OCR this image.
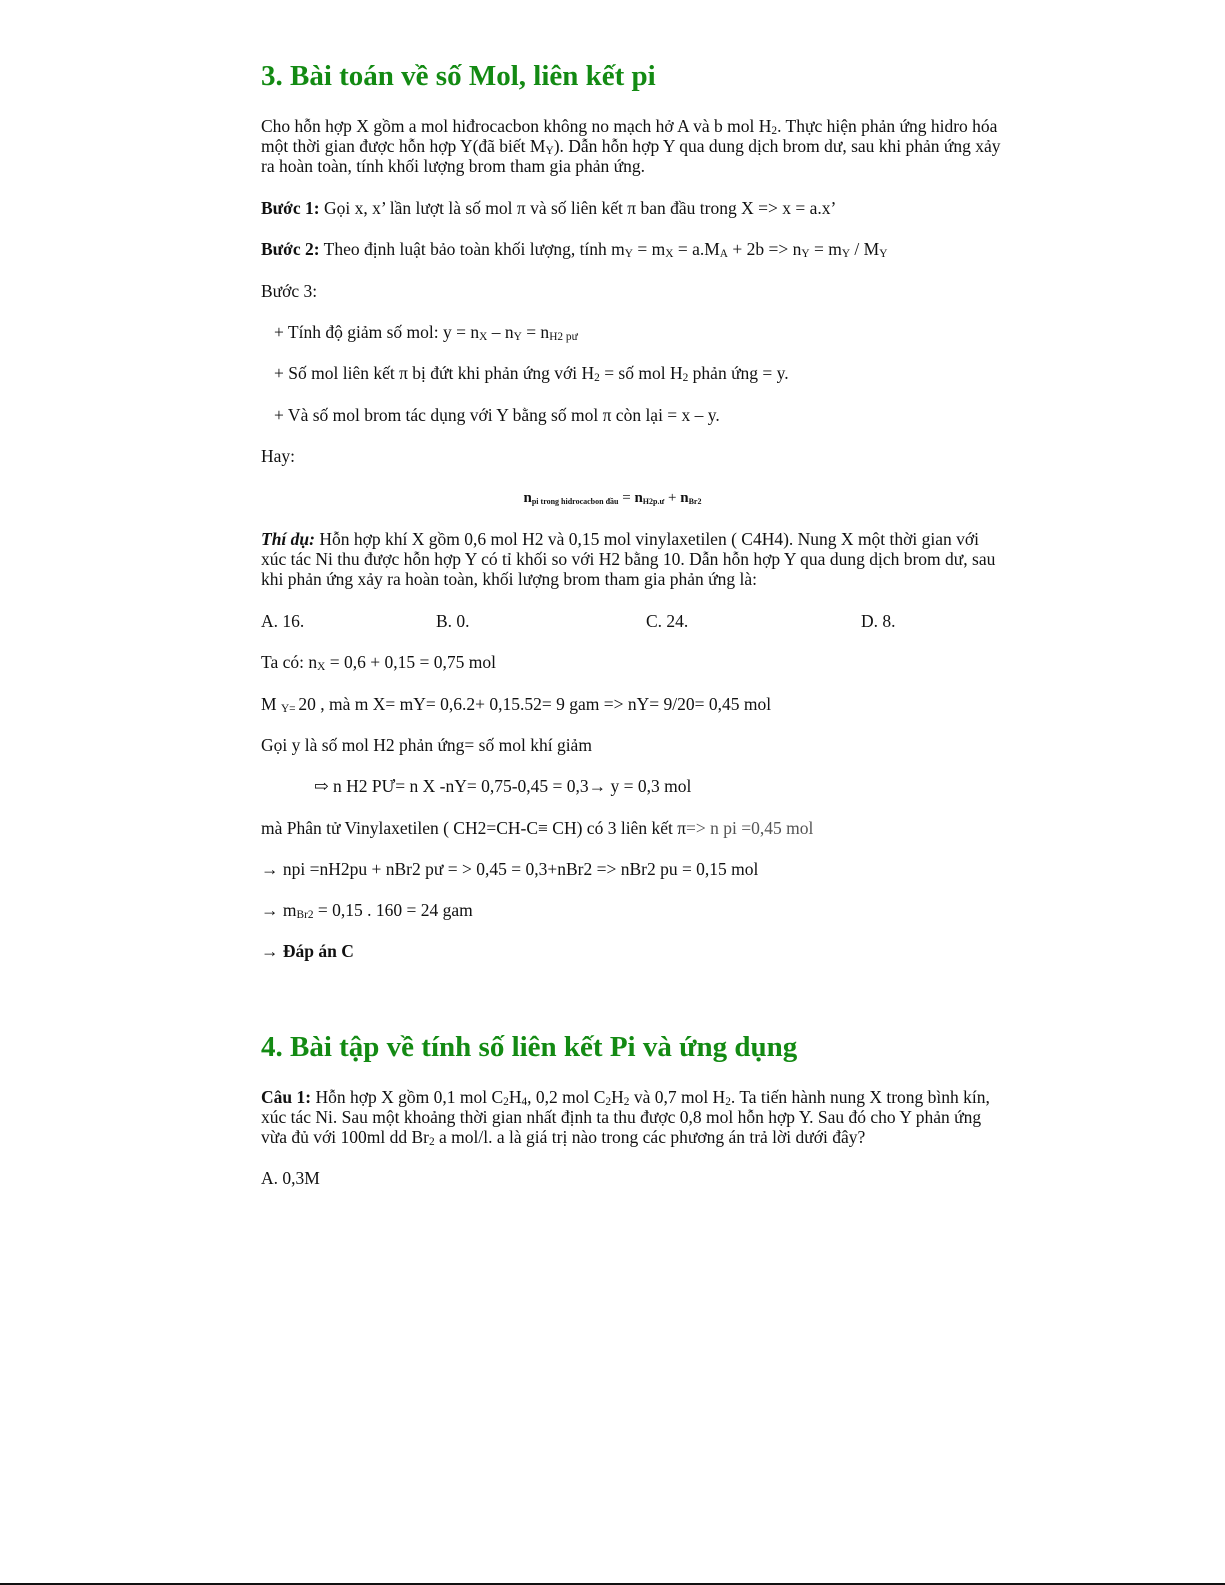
3. Bài toán về số Mol, liên kết pi

Cho hỗn hợp X gồm a mol hiđrocacbon không no mạch hở A và b mol $H_2$. Thực hiện phản ứng hidro hóa một thời gian được hỗn hợp Y(đã biết $M_Y$). Dẫn hỗn hợp Y qua dung dịch brom dư, sau khi phản ứng xảy ra hoàn toàn, tính khối lượng brom tham gia phản ứng.

Bước 1: Gọi x, x’ lần lượt là số mol π và số liên kết π ban đầu trong X => x = a.x’

Bước 2: Theo định luật bảo toàn khối lượng, tính $m_Y = m_X = a.M_A + 2b => n_Y = m_Y / M_Y$

Bước 3:

+ Tính độ giảm số mol: $y = n_X - n_Y = n_{H2 pư}$

+ Số mol liên kết π bị đứt khi phản ứng với $H_2$ = số mol $H_2$ phản ứng = y.

+ Và số mol brom tác dụng với Y bằng số mol π còn lại = x – y.

Hay:

$n_{pi trong hidrocacbon đầu} = n_{H2p.ư} + n_{Br2}$

Thí dụ: Hỗn hợp khí X gồm 0,6 mol H2 và 0,15 mol vinylaxetilen ( C4H4). Nung X một thời gian với xúc tác Ni thu được hỗn hợp Y có tỉ khối so với H2 bằng 10. Dẫn hỗn hợp Y qua dung dịch brom dư, sau khi phản ứng xảy ra hoàn toàn, khối lượng brom tham gia phản ứng là:

A. 16.	B. 0.	C. 24.	D. 8.

Ta có: $n_X = 0,6 + 0,15 = 0,75$ mol

M $_{Y=}$ 20 , mà m X= mY= 0,6.2+ 0,15.52= 9 gam => nY= 9/20= 0,45 mol

Gọi y là số mol H2 phản ứng= số mol khí giảm

⇨ n H2 PƯ= n X -nY= 0,75-0,45 = 0,3→ y = 0,3 mol

mà Phân tử Vinylaxetilen ( CH2=CH-C≡ CH) có 3 liên kết π=> n pi =0,45 mol

→ npi =nH2pu + nBr2 pư = > 0,45 = 0,3+nBr2 => nBr2 pu = 0,15 mol

→ $m_{Br2} = 0,15$ . 160 = 24 gam

→ Đáp án C

4. Bài tập về tính số liên kết Pi và ứng dụng

Câu 1: Hỗn hợp X gồm 0,1 mol $C_2H_4$, 0,2 mol $C_2H_2$ và 0,7 mol $H_2$. Ta tiến hành nung X trong bình kín, xúc tác Ni. Sau một khoảng thời gian nhất định ta thu được 0,8 mol hỗn hợp Y. Sau đó cho Y phản ứng vừa đủ với 100ml dd $Br_2$ a mol/l. a là giá trị nào trong các phương án trả lời dưới đây?

A. 0,3M
